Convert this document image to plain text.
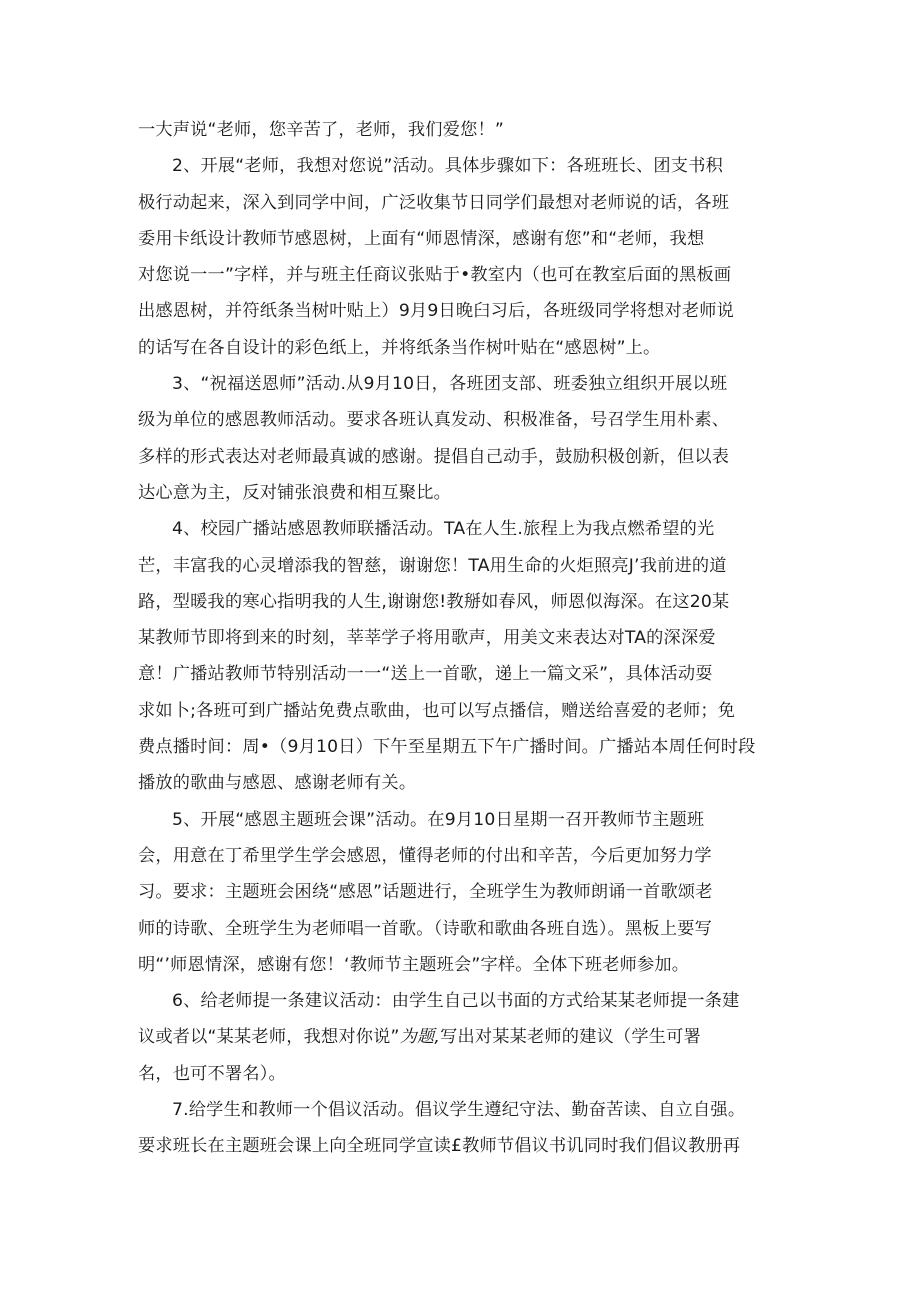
一大声说“老师，您辛苦了，老师，我们爱您！”

2、开展“老师，我想对您说”活动。具体步骤如下：各班班长、团支书积
极行动起来，深入到同学中间，广泛收集节日同学们最想对老师说的话，各班
委用卡纸设计教师节感恩树，上面有“师恩情深，感谢有您”和“老师，我想
对您说一一”字样，并与班主任商议张贴于•教室内（也可在教室后面的黑板画
出感恩树，并符纸条当树叶贴上）9月9日晚臼习后，各班级同学将想对老师说
的话写在各自设计的彩色纸上，并将纸条当作树叶贴在“感恩树”上。

3、“祝福送恩师”活动.从9月10日，各班团支部、班委独立组织开展以班
级为单位的感恩教师活动。要求各班认真发动、积极准备，号召学生用朴素、
多样的形式表达对老师最真诚的感谢。提倡自己动手，鼓励积极创新，但以表
达心意为主，反对铺张浪费和相互聚比。

4、校园广播站感恩教师联播活动。TA在人生.旅程上为我点燃希望的光
芒，丰富我的心灵增添我的智慈，谢谢您！TA用生命的火炬照亮J’我前进的道
路，型暖我的寒心指明我的人生,谢谢您!教掰如春风，师恩似海深。在这20某
某教师节即将到来的时刻，莘莘学子将用歌声，用美文来表达对TA的深深爱
意！广播站教师节特别活动一一“送上一首歌，递上一篇文采”，具体活动耍
求如卜;各班可到广播站免费点歌曲，也可以写点播信，赠送给喜爱的老师；免
费点播时间：周•（9月10日）下午至星期五下午广播时间。广播站本周任何时段
播放的歌曲与感恩、感谢老师有关。

5、开展“感恩主题班会课”活动。在9月10日星期一召开教师节主题班
会，用意在丁希里学生学会感恩，懂得老师的付出和辛苦，今后更加努力学
习。要求：主题班会困绕“感恩”话题进行，全班学生为教师朗诵一首歌颂老
师的诗歌、全班学生为老师唱一首歌。（诗歌和歌曲各班自选）。黑板上要写
明“’师恩情深，感谢有您！‘教师节主题班会”字样。全体下班老师参加。

6、给老师提一条建议活动：由学生自己以书面的方式给某某老师提一条建
议或者以“某某老师，我想对你说”为题,写出对某某老师的建议（学生可署
名，也可不署名）。

7.给学生和教师一个倡议活动。倡议学生遵纪守法、勤奋苦读、自立自强。
要求班长在主题班会课上向全班同学宣读£教师节倡议书讥同时我们倡议教册再
